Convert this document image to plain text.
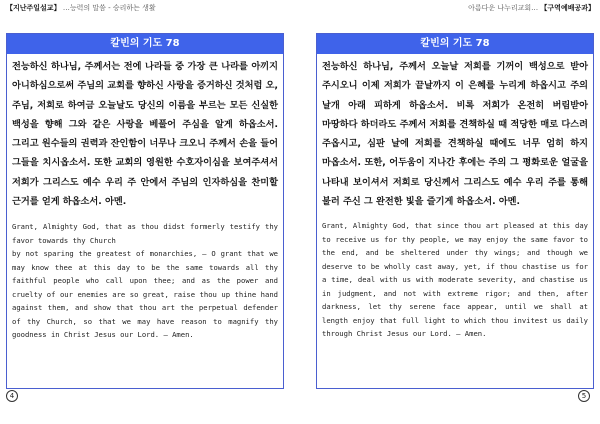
【지난주일설교】 …능력의 말씀 - 승리하는 생활	아름다운 나누리교회… 【구역예배공과】
칼빈의 기도 78

전능하신 하나님, 주께서는 전에 나라들 중 가장 큰 나라를 아끼지 아니하심으로써 주님의 교회를 향하신 사랑을 증거하신 것처럼 오, 주님, 저희로 하여금 오늘날도 당신의 이름을 부르는 모든 신실한 백성을 향해 그와 같은 사랑을 베풀어 주심을 알게 하옵소서. 그리고 원수들의 권력과 잔인함이 너무나 크오니 주께서 손을 들어 그들을 치시옵소서. 또한 교회의 영원한 수호자이심을 보여주셔서 저희가 그리스도 예수 우리 주 안에서 주님의 인자하심을 찬미할 근거를 얻게 하옵소서. 아멘.

Grant, Almighty God, that as thou didst formerly testify thy favor towards thy Church

by not sparing the greatest of monarchies, — O grant that we may know thee at this day to be the same towards all thy faithful people who call upon thee; and as the power and cruelty of our enemies are so great, raise thou up thine hand against them, and show that thou art the perpetual defender of thy Church, so that we may have reason to magnify thy goodness in Christ Jesus our Lord. — Amen.

칼빈의 기도 78

전능하신 하나님, 주께서 오늘날 저희를 기꺼이 백성으로 받아 주시오니 이제 저희가 끝날까지 이 은혜를 누리게 하옵시고 주의 날개 아래 피하게 하옵소서. 비록 저희가 온전히 버림받아 마땅하다 하더라도 주께서 저희를 견책하실 때 적당한 매로 다스려 주옵시고, 심판 날에 저희를 견책하실 때에도 너무 엄히 하지 마옵소서. 또한, 어두움이 지나간 후에는 주의 그 평화로운 얼굴을 나타내 보이셔서 저희로 당신께서 그리스도 예수 우리 주를 통해 불러 주신 그 완전한 빛을 즐기게 하옵소서. 아멘.

Grant, Almighty God, that since thou art pleased at this day to receive us for thy people, we may enjoy the same favor to the end, and be sheltered under thy wings; and though we deserve to be wholly cast away, yet, if thou chastise us for a time, deal with us with moderate severity, and chastise us in judgment, and not with extreme rigor; and then, after darkness, let thy serene face appear, until we shall at length enjoy that full light to which thou invitest us daily through Christ Jesus our Lord. — Amen.

4	5
